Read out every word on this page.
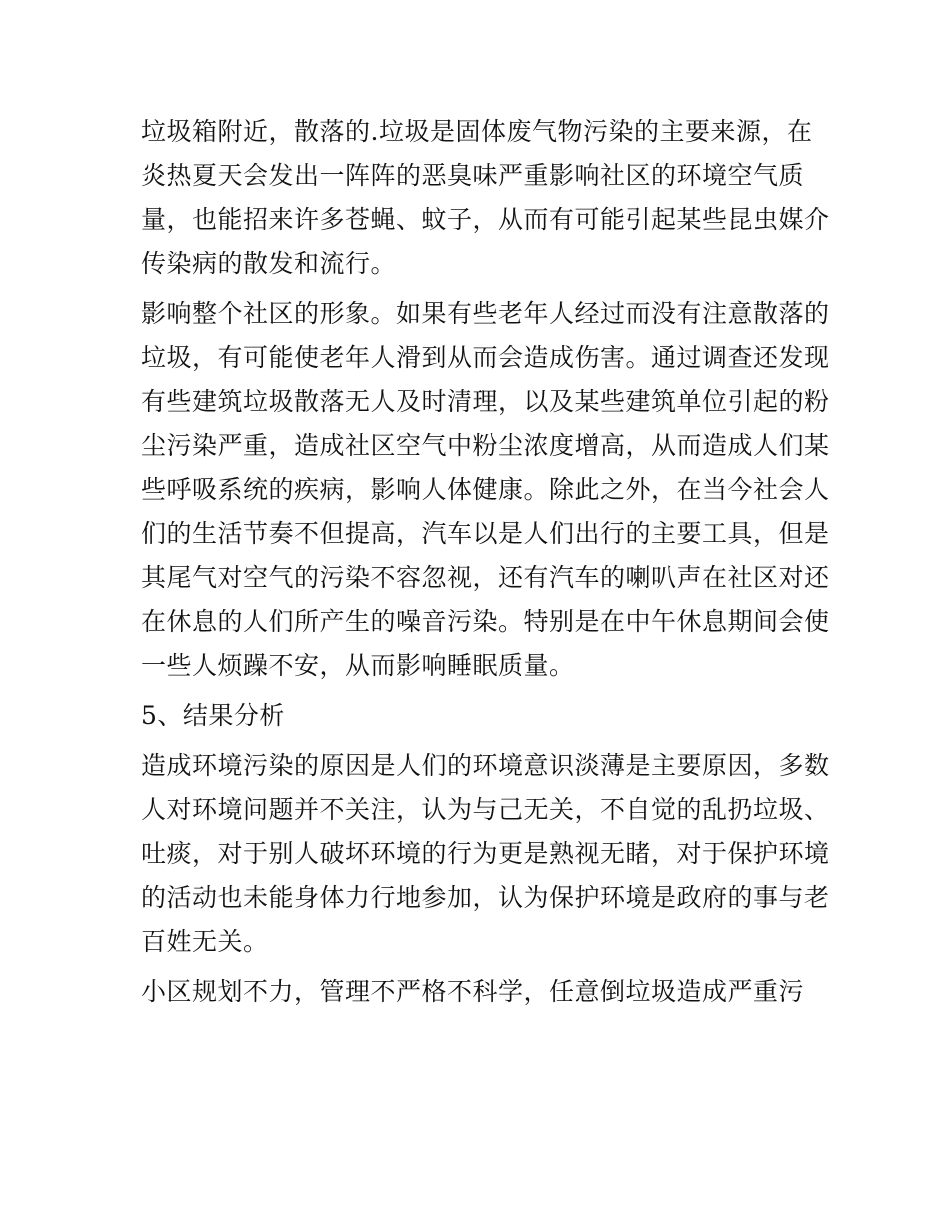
垃圾箱附近，散落的.垃圾是固体废气物污染的主要来源，在
炎热夏天会发出一阵阵的恶臭味严重影响社区的环境空气质
量，也能招来许多苍蝇、蚊子，从而有可能引起某些昆虫媒介
传染病的散发和流行。
影响整个社区的形象。如果有些老年人经过而没有注意散落的
垃圾，有可能使老年人滑到从而会造成伤害。通过调查还发现
有些建筑垃圾散落无人及时清理，以及某些建筑单位引起的粉
尘污染严重，造成社区空气中粉尘浓度增高，从而造成人们某
些呼吸系统的疾病，影响人体健康。除此之外，在当今社会人
们的生活节奏不但提高，汽车以是人们出行的主要工具，但是
其尾气对空气的污染不容忽视，还有汽车的喇叭声在社区对还
在休息的人们所产生的噪音污染。特别是在中午休息期间会使
一些人烦躁不安，从而影响睡眠质量。
5、结果分析
造成环境污染的原因是人们的环境意识淡薄是主要原因，多数
人对环境问题并不关注，认为与己无关，不自觉的乱扔垃圾、
吐痰，对于别人破坏环境的行为更是熟视无睹，对于保护环境
的活动也未能身体力行地参加，认为保护环境是政府的事与老
百姓无关。
小区规划不力，管理不严格不科学，任意倒垃圾造成严重污
